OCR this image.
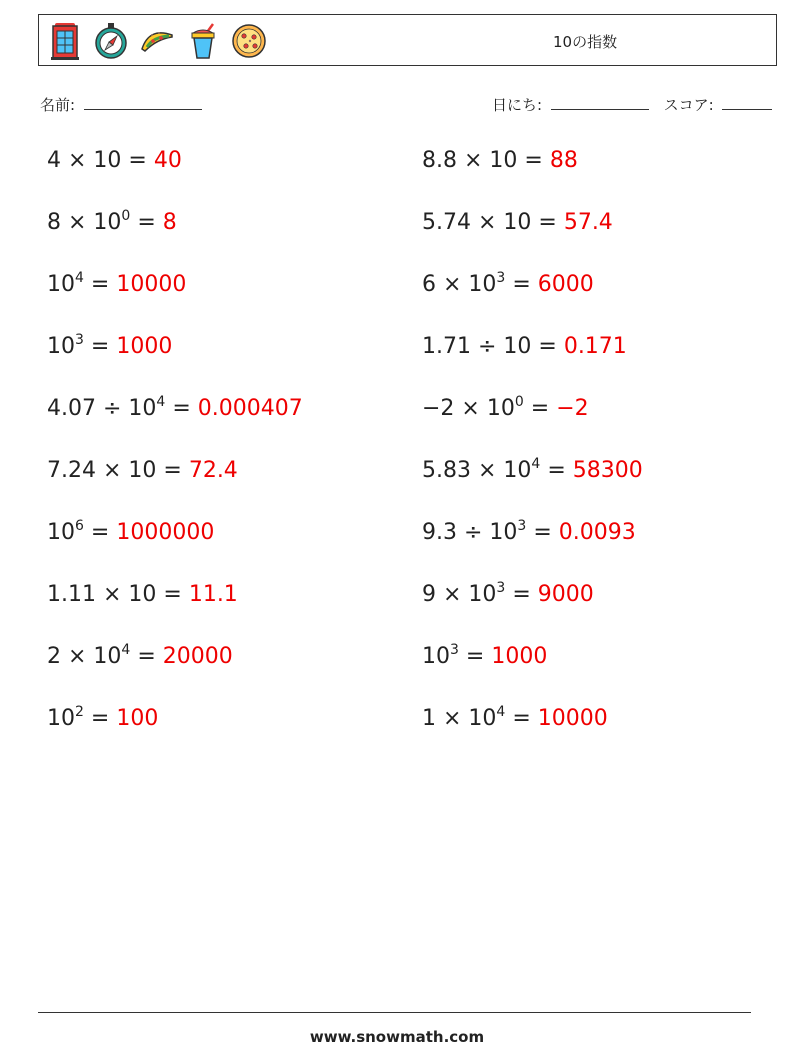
10の指数
名前:	日にち:	スコア:
4 × 10 = 40	8.8 × 10 = 88
$8 \times 10^0 = 8$	5.74 × 10 = 57.4
$10^4 = 10000$	$6 \times 10^3 = 6000$
$10^3 = 1000$	1.71 ÷ 10 = 0.171
$4.07 \div 10^4 = 0.000407$	$-2 \times 10^0 = -2$
7.24 × 10 = 72.4	$5.83 \times 10^4 = 58300$
$10^6 = 1000000$	$9.3 \div 10^3 = 0.0093$
1.11 × 10 = 11.1	$9 \times 10^3 = 9000$
$2 \times 10^4 = 20000$	$10^3 = 1000$
$10^2 = 100$	$1 \times 10^4 = 10000$
www.snowmath.com
